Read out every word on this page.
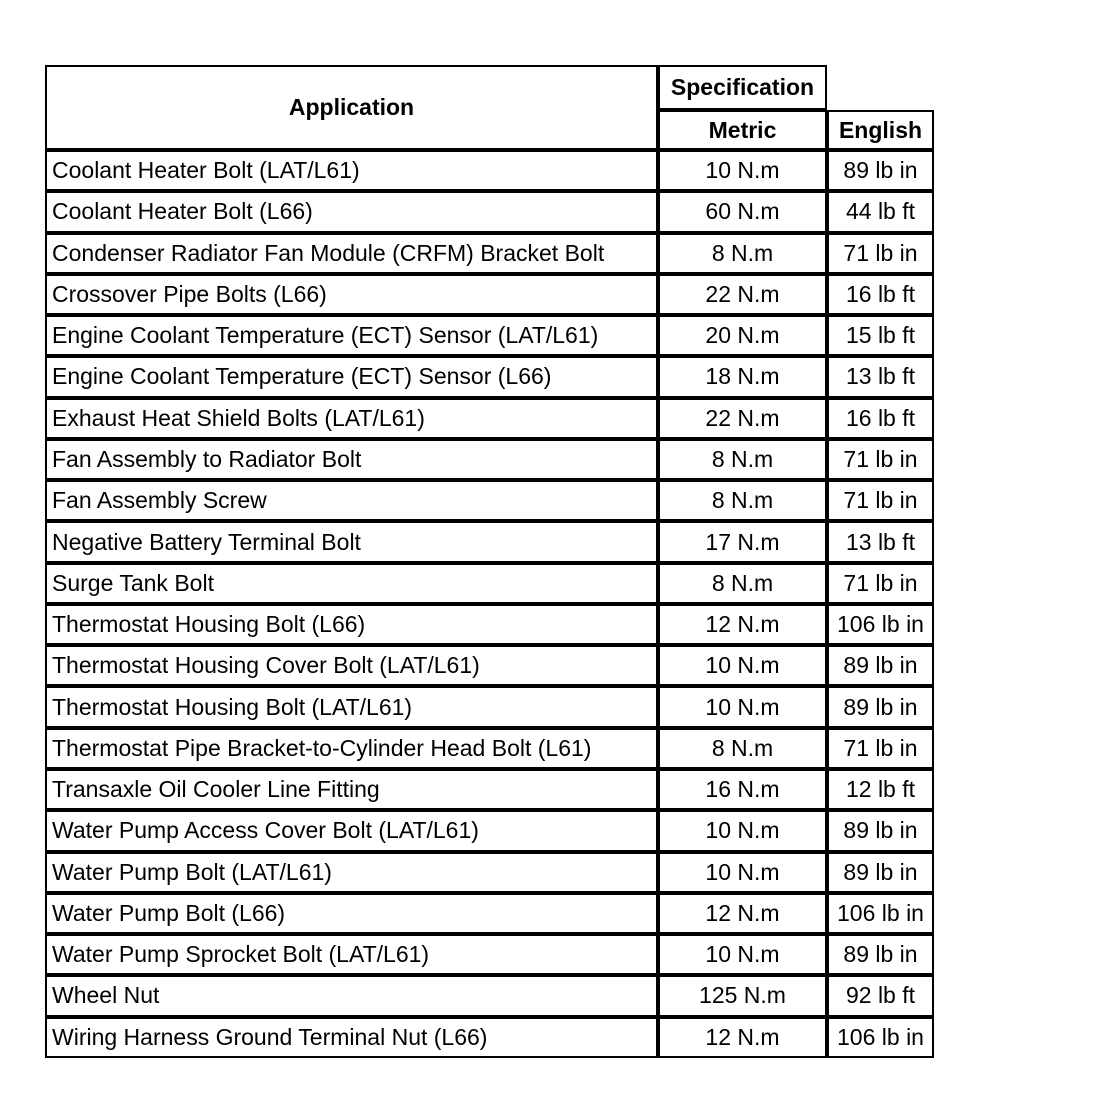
Application	Specification	
	Metric	English
Coolant Heater Bolt (LAT/L61)	10 N.m	89 lb in
Coolant Heater Bolt (L66)	60 N.m	44 lb ft
Condenser Radiator Fan Module (CRFM) Bracket Bolt	8 N.m	71 lb in
Crossover Pipe Bolts (L66)	22 N.m	16 lb ft
Engine Coolant Temperature (ECT) Sensor (LAT/L61)	20 N.m	15 lb ft
Engine Coolant Temperature (ECT) Sensor (L66)	18 N.m	13 lb ft
Exhaust Heat Shield Bolts (LAT/L61)	22 N.m	16 lb ft
Fan Assembly to Radiator Bolt	8 N.m	71 lb in
Fan Assembly Screw	8 N.m	71 lb in
Negative Battery Terminal Bolt	17 N.m	13 lb ft
Surge Tank Bolt	8 N.m	71 lb in
Thermostat Housing Bolt (L66)	12 N.m	106 lb in
Thermostat Housing Cover Bolt (LAT/L61)	10 N.m	89 lb in
Thermostat Housing Bolt (LAT/L61)	10 N.m	89 lb in
Thermostat Pipe Bracket-to-Cylinder Head Bolt (L61)	8 N.m	71 lb in
Transaxle Oil Cooler Line Fitting	16 N.m	12 lb ft
Water Pump Access Cover Bolt (LAT/L61)	10 N.m	89 lb in
Water Pump Bolt (LAT/L61)	10 N.m	89 lb in
Water Pump Bolt (L66)	12 N.m	106 lb in
Water Pump Sprocket Bolt (LAT/L61)	10 N.m	89 lb in
Wheel Nut	125 N.m	92 lb ft
Wiring Harness Ground Terminal Nut (L66)	12 N.m	106 lb in
